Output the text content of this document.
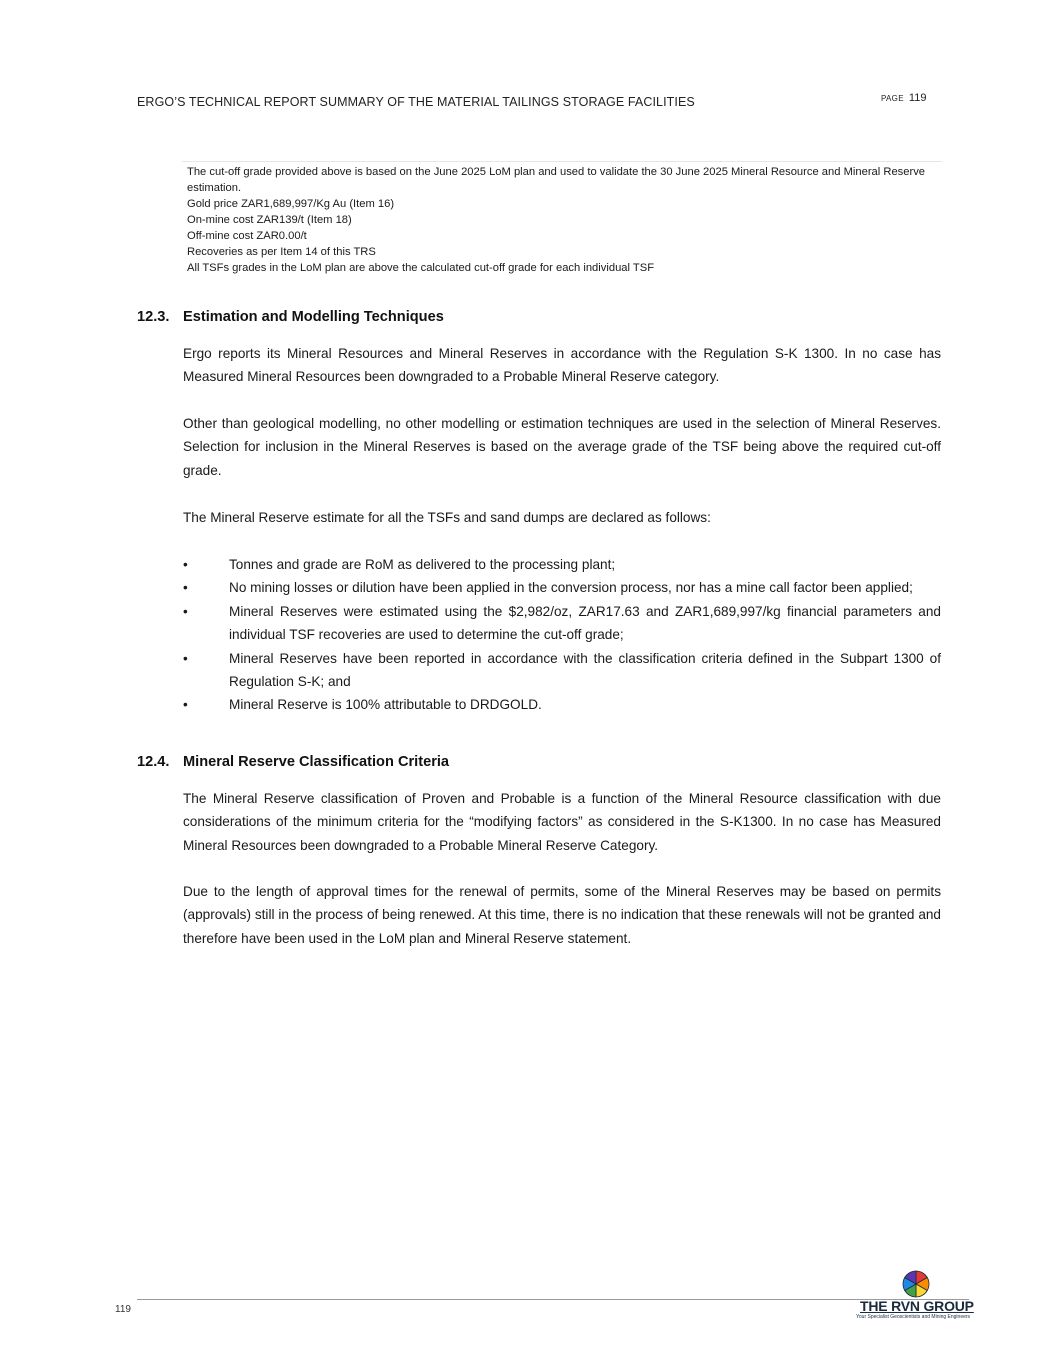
ERGO’S TECHNICAL REPORT SUMMARY OF THE MATERIAL TAILINGS STORAGE FACILITIES	PAGE 119
The cut-off grade provided above is based on the June 2025 LoM plan and used to validate the 30 June 2025 Mineral Resource and Mineral Reserve estimation.
Gold price ZAR1,689,997/Kg Au (Item 16)
On-mine cost ZAR139/t (Item 18)
Off-mine cost ZAR0.00/t
Recoveries as per Item 14 of this TRS
All TSFs grades in the LoM plan are above the calculated cut-off grade for each individual TSF
12.3. Estimation and Modelling Techniques
Ergo reports its Mineral Resources and Mineral Reserves in accordance with the Regulation S-K 1300. In no case has Measured Mineral Resources been downgraded to a Probable Mineral Reserve category.
Other than geological modelling, no other modelling or estimation techniques are used in the selection of Mineral Reserves. Selection for inclusion in the Mineral Reserves is based on the average grade of the TSF being above the required cut-off grade.
The Mineral Reserve estimate for all the TSFs and sand dumps are declared as follows:
•	Tonnes and grade are RoM as delivered to the processing plant;
•	No mining losses or dilution have been applied in the conversion process, nor has a mine call factor been applied;
•	Mineral Reserves were estimated using the $2,982/oz, ZAR17.63 and ZAR1,689,997/kg financial parameters and individual TSF recoveries are used to determine the cut-off grade;
•	Mineral Reserves have been reported in accordance with the classification criteria defined in the Subpart 1300 of Regulation S-K; and
•	Mineral Reserve is 100% attributable to DRDGOLD.
12.4. Mineral Reserve Classification Criteria
The Mineral Reserve classification of Proven and Probable is a function of the Mineral Resource classification with due considerations of the minimum criteria for the “modifying factors” as considered in the S-K1300. In no case has Measured Mineral Resources been downgraded to a Probable Mineral Reserve Category.
Due to the length of approval times for the renewal of permits, some of the Mineral Reserves may be based on permits (approvals) still in the process of being renewed. At this time, there is no indication that these renewals will not be granted and therefore have been used in the LoM plan and Mineral Reserve statement.
119	THE RVN GROUP
Your Specialist Geoscientists and Mining Engineers
